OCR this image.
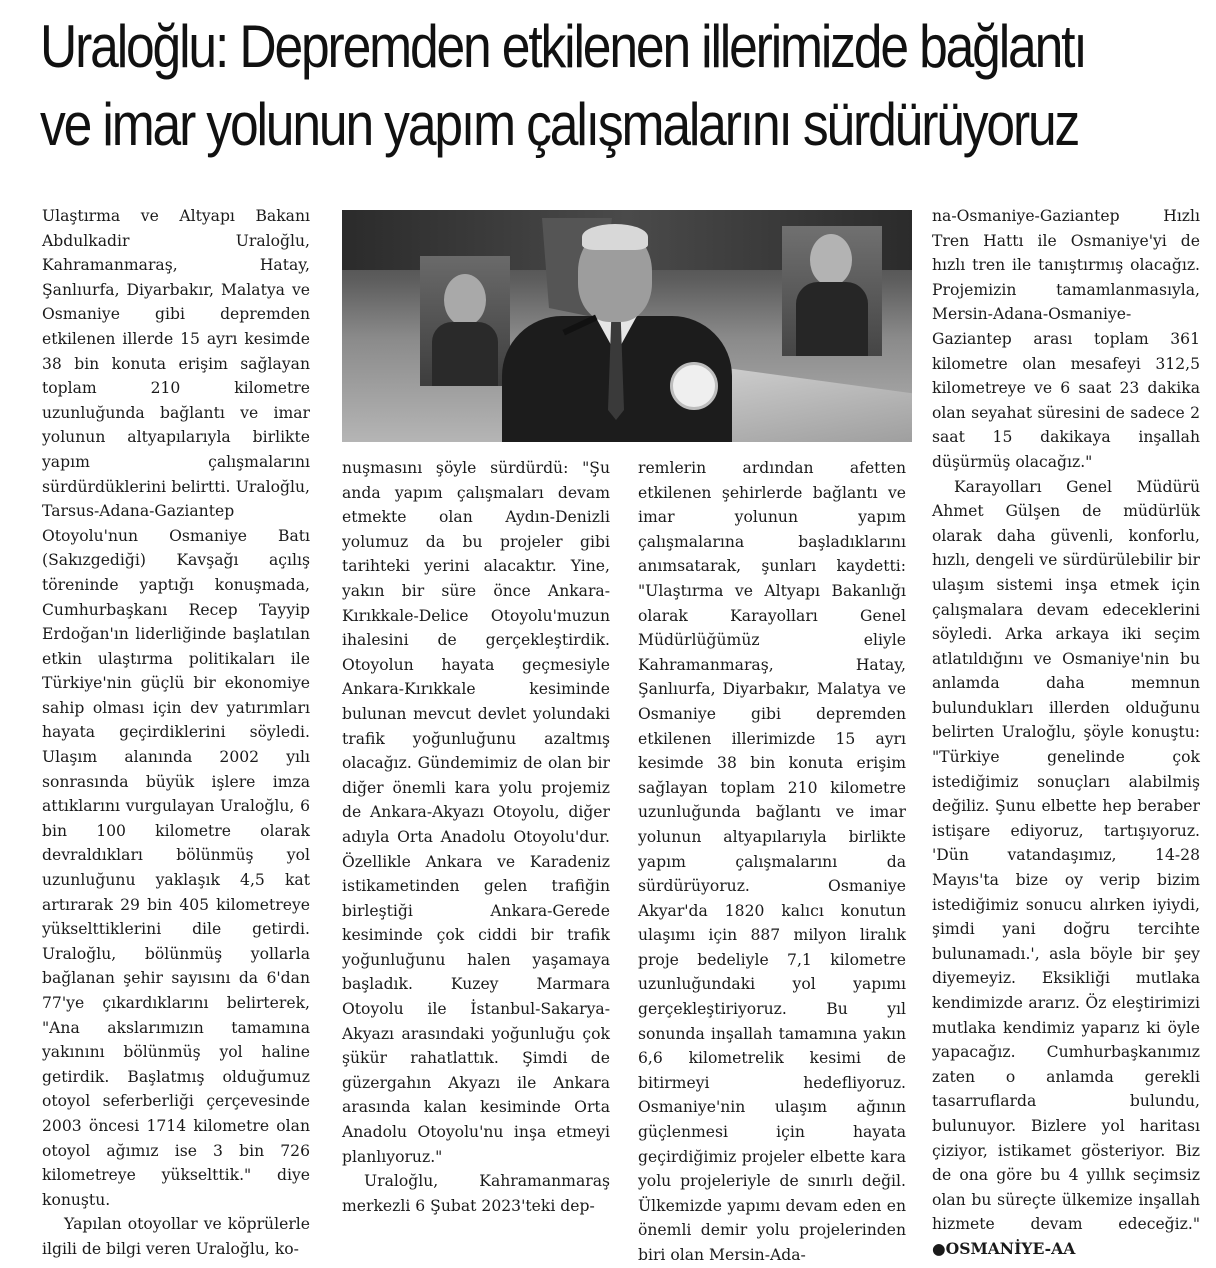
Uraloğlu: Depremden etkilenen illerimizde bağlantı
ve imar yolunun yapım çalışmalarını sürdürüyoruz

Ulaştırma ve Altyapı Bakanı Abdulkadir Uraloğlu, Kahramanmaraş, Hatay, Şanlıurfa, Diyarbakır, Malatya ve Osmaniye gibi depremden etkilenen illerde 15 ayrı kesimde 38 bin konuta erişim sağlayan toplam 210 kilometre uzunluğunda bağlantı ve imar yolunun altyapılarıyla birlikte yapım çalışmalarını sürdürdüklerini belirtti. Uraloğlu, Tarsus-Adana-Gaziantep Otoyolu'nun Osmaniye Batı (Sakızgediği) Kavşağı açılış töreninde yaptığı konuşmada, Cumhurbaşkanı Recep Tayyip Erdoğan'ın liderliğinde başlatılan etkin ulaştırma politikaları ile Türkiye'nin güçlü bir ekonomiye sahip olması için dev yatırımları hayata geçirdiklerini söyledi. Ulaşım alanında 2002 yılı sonrasında büyük işlere imza attıklarını vurgulayan Uraloğlu, 6 bin 100 kilometre olarak devraldıkları bölünmüş yol uzunluğunu yaklaşık 4,5 kat artırarak 29 bin 405 kilometreye yükselttiklerini dile getirdi. Uraloğlu, bölünmüş yollarla bağlanan şehir sayısını da 6'dan 77'ye çıkardıklarını belirterek, "Ana akslarımızın tamamına yakınını bölünmüş yol haline getirdik. Başlatmış olduğumuz otoyol seferberliği çerçevesinde 2003 öncesi 1714 kilometre olan otoyol ağımız ise 3 bin 726 kilometreye yükselttik." diye konuştu.

Yapılan otoyollar ve köprülerle ilgili de bilgi veren Uraloğlu, ko-

nuşmasını şöyle sürdürdü: "Şu anda yapım çalışmaları devam etmekte olan Aydın-Denizli yolumuz da bu projeler gibi tarihteki yerini alacaktır. Yine, yakın bir süre önce Ankara-Kırıkkale-Delice Otoyolu'muzun ihalesini de gerçekleştirdik. Otoyolun hayata geçmesiyle Ankara-Kırıkkale kesiminde bulunan mevcut devlet yolundaki trafik yoğunluğunu azaltmış olacağız. Gündemimiz de olan bir diğer önemli kara yolu projemiz de Ankara-Akyazı Otoyolu, diğer adıyla Orta Anadolu Otoyolu'dur. Özellikle Ankara ve Karadeniz istikametinden gelen trafiğin birleştiği Ankara-Gerede kesiminde çok ciddi bir trafik yoğunluğunu halen yaşamaya başladık. Kuzey Marmara Otoyolu ile İstanbul-Sakarya-Akyazı arasındaki yoğunluğu çok şükür rahatlattık. Şimdi de güzergahın Akyazı ile Ankara arasında kalan kesiminde Orta Anadolu Otoyolu'nu inşa etmeyi planlıyoruz."

Uraloğlu, Kahramanmaraş merkezli 6 Şubat 2023'teki dep-

remlerin ardından afetten etkilenen şehirlerde bağlantı ve imar yolunun yapım çalışmalarına başladıklarını anımsatarak, şunları kaydetti: "Ulaştırma ve Altyapı Bakanlığı olarak Karayolları Genel Müdürlüğümüz eliyle Kahramanmaraş, Hatay, Şanlıurfa, Diyarbakır, Malatya ve Osmaniye gibi depremden etkilenen illerimizde 15 ayrı kesimde 38 bin konuta erişim sağlayan toplam 210 kilometre uzunluğunda bağlantı ve imar yolunun altyapılarıyla birlikte yapım çalışmalarını da sürdürüyoruz. Osmaniye Akyar'da 1820 kalıcı konutun ulaşımı için 887 milyon liralık proje bedeliyle 7,1 kilometre uzunluğundaki yol yapımı gerçekleştiriyoruz. Bu yıl sonunda inşallah tamamına yakın 6,6 kilometrelik kesimi de bitirmeyi hedefliyoruz. Osmaniye'nin ulaşım ağının güçlenmesi için hayata geçirdiğimiz projeler elbette kara yolu projeleriyle de sınırlı değil. Ülkemizde yapımı devam eden en önemli demir yolu projelerinden biri olan Mersin-Ada-

na-Osmaniye-Gaziantep Hızlı Tren Hattı ile Osmaniye'yi de hızlı tren ile tanıştırmış olacağız. Projemizin tamamlanmasıyla, Mersin-Adana-Osmaniye-Gaziantep arası toplam 361 kilometre olan mesafeyi 312,5 kilometreye ve 6 saat 23 dakika olan seyahat süresini de sadece 2 saat 15 dakikaya inşallah düşürmüş olacağız."

Karayolları Genel Müdürü Ahmet Gülşen de müdürlük olarak daha güvenli, konforlu, hızlı, dengeli ve sürdürülebilir bir ulaşım sistemi inşa etmek için çalışmalara devam edeceklerini söyledi. Arka arkaya iki seçim atlatıldığını ve Osmaniye'nin bu anlamda daha memnun bulundukları illerden olduğunu belirten Uraloğlu, şöyle konuştu: "Türkiye genelinde çok istediğimiz sonuçları alabilmiş değiliz. Şunu elbette hep beraber istişare ediyoruz, tartışıyoruz. 'Dün vatandaşımız, 14-28 Mayıs'ta bize oy verip bizim istediğimiz sonucu alırken iyiydi, şimdi yani doğru tercihte bulunamadı.', asla böyle bir şey diyemeyiz. Eksikliği mutlaka kendimizde ararız. Öz eleştirimizi mutlaka kendimiz yaparız ki öyle yapacağız. Cumhurbaşkanımız zaten o anlamda gerekli tasarruflarda bulundu, bulunuyor. Bizlere yol haritası çiziyor, istikamet gösteriyor. Biz de ona göre bu 4 yıllık seçimsiz olan bu süreçte ülkemize inşallah hizmete devam edeceğiz." ●OSMANİYE-AA
